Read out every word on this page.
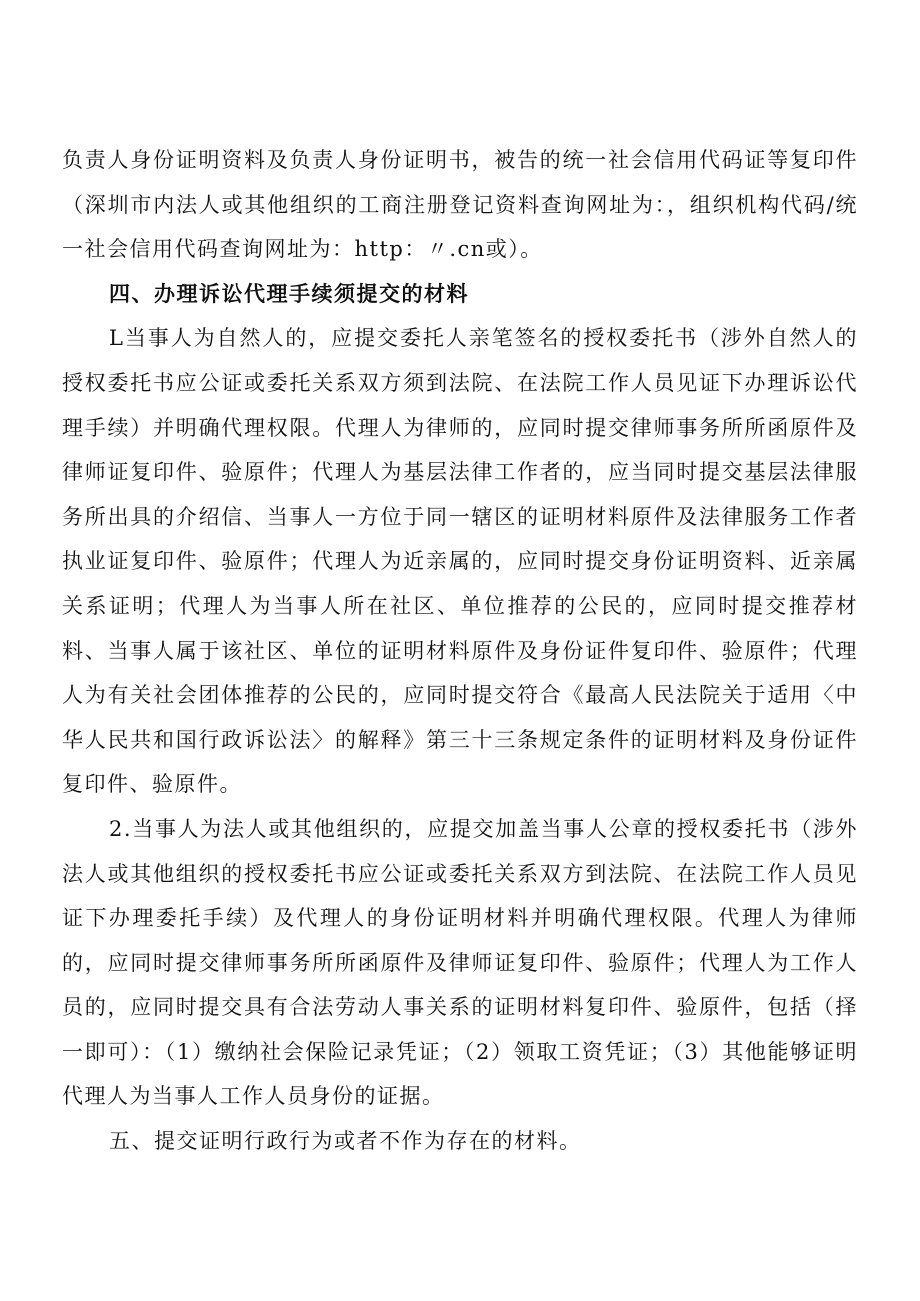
负责人身份证明资料及负责人身份证明书，被告的统一社会信用代码证等复印件（深圳市内法人或其他组织的工商注册登记资料查询网址为：，组织机构代码/统一社会信用代码查询网址为：http：〃.cn或）。

四、办理诉讼代理手续须提交的材料

L当事人为自然人的，应提交委托人亲笔签名的授权委托书（涉外自然人的授权委托书应公证或委托关系双方须到法院、在法院工作人员见证下办理诉讼代理手续）并明确代理权限。代理人为律师的，应同时提交律师事务所所函原件及律师证复印件、验原件；代理人为基层法律工作者的，应当同时提交基层法律服务所出具的介绍信、当事人一方位于同一辖区的证明材料原件及法律服务工作者执业证复印件、验原件；代理人为近亲属的，应同时提交身份证明资料、近亲属关系证明；代理人为当事人所在社区、单位推荐的公民的，应同时提交推荐材料、当事人属于该社区、单位的证明材料原件及身份证件复印件、验原件；代理人为有关社会团体推荐的公民的，应同时提交符合《最高人民法院关于适用〈中华人民共和国行政诉讼法〉的解释》第三十三条规定条件的证明材料及身份证件复印件、验原件。

2.当事人为法人或其他组织的，应提交加盖当事人公章的授权委托书（涉外法人或其他组织的授权委托书应公证或委托关系双方到法院、在法院工作人员见证下办理委托手续）及代理人的身份证明材料并明确代理权限。代理人为律师的，应同时提交律师事务所所函原件及律师证复印件、验原件；代理人为工作人员的，应同时提交具有合法劳动人事关系的证明材料复印件、验原件，包括（择一即可）：（1）缴纳社会保险记录凭证；（2）领取工资凭证；（3）其他能够证明代理人为当事人工作人员身份的证据。

五、提交证明行政行为或者不作为存在的材料。
